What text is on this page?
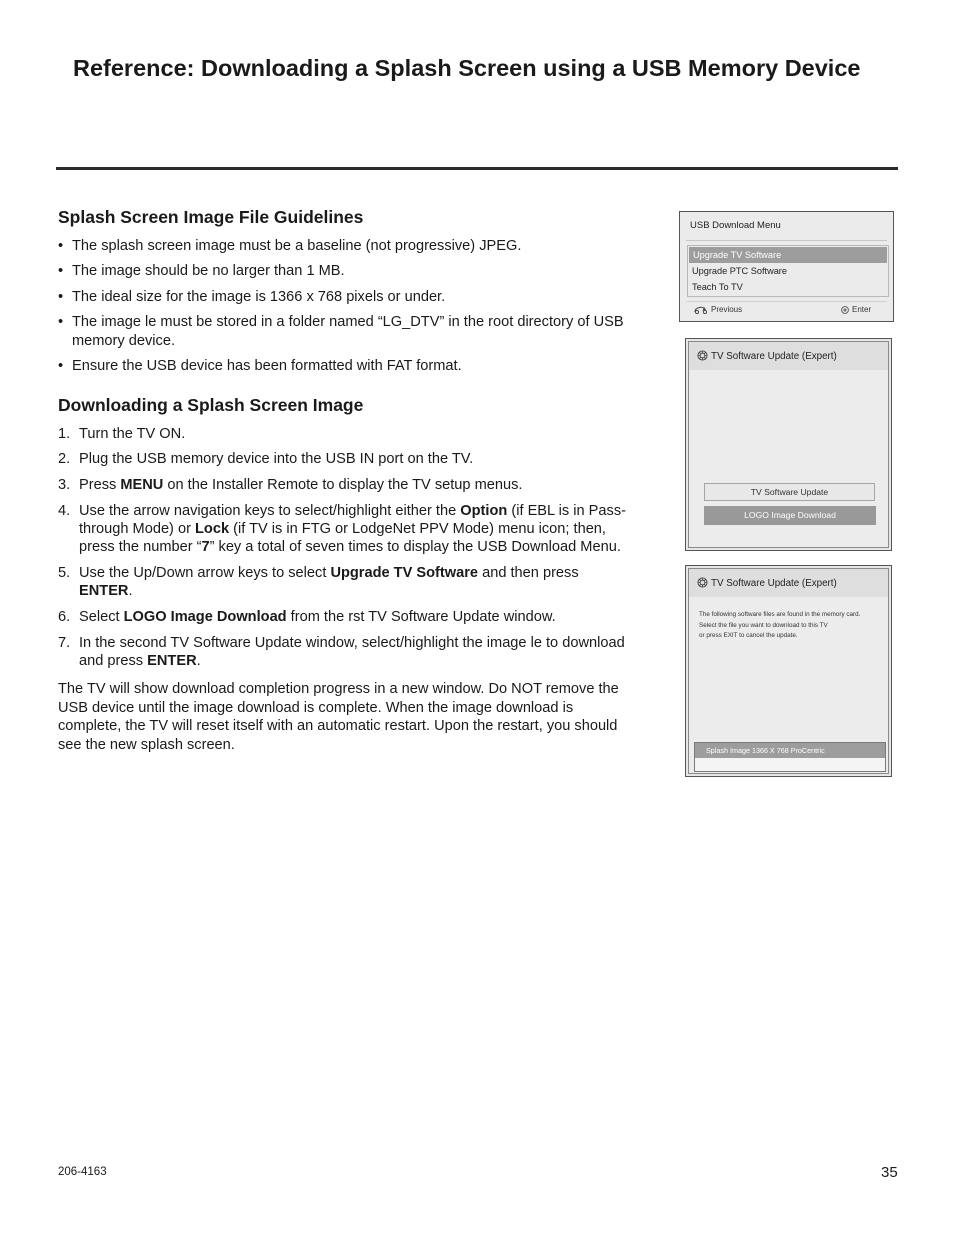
Reference: Downloading a Splash Screen using a USB Memory Device
Splash Screen Image File Guidelines
• The splash screen image must be a baseline (not progressive) JPEG.
• The image should be no larger than 1 MB.
• The ideal size for the image is 1366 x 768 pixels or under.
• The image le must be stored in a folder named “LG_DTV” in the root directory of USB memory device.
• Ensure the USB device has been formatted with FAT format.
Downloading a Splash Screen Image
1. Turn the TV ON.
2. Plug the USB memory device into the USB IN port on the TV.
3. Press MENU on the Installer Remote to display the TV setup menus.
4. Use the arrow navigation keys to select/highlight either the Option (if EBL is in Pass-through Mode) or Lock (if TV is in FTG or LodgeNet PPV Mode) menu icon; then, press the number “7” key a total of seven times to display the USB Download Menu.
5. Use the Up/Down arrow keys to select Upgrade TV Software and then press ENTER.
6. Select LOGO Image Download from the rst TV Software Update window.
7. In the second TV Software Update window, select/highlight the image le to download and press ENTER.

The TV will show download completion progress in a new window. Do NOT remove the USB device until the image download is complete. When the image download is complete, the TV will reset itself with an automatic restart. Upon the restart, you should see the new splash screen.

USB Download Menu
Upgrade TV Software
Upgrade PTC Software
Teach To TV
Previous	Enter
TV Software Update (Expert)
TV Software Update
LOGO Image Download
TV Software Update (Expert)
The following software files are found in the memory card.
Select the file you want to download to this TV
or press EXIT to cancel the update.
Splash Image 1366 X 768 ProCentric
206-4163	35
